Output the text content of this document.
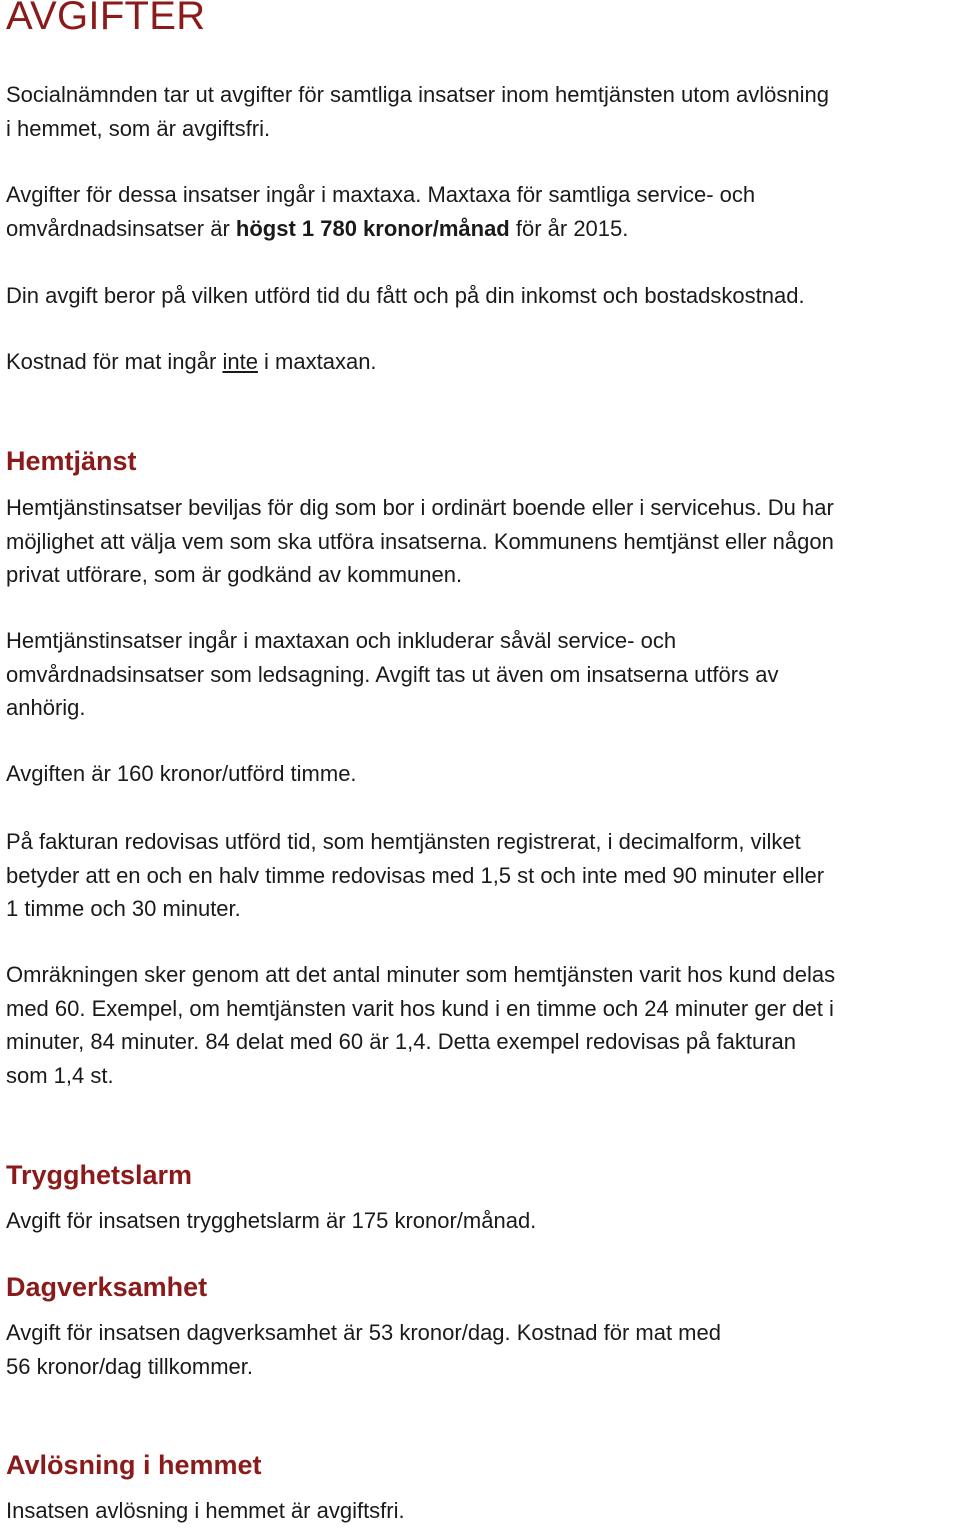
AVGIFTER

Socialnämnden tar ut avgifter för samtliga insatser inom hemtjänsten utom avlösning
i hemmet, som är avgiftsfri.

Avgifter för dessa insatser ingår i maxtaxa. Maxtaxa för samtliga service- och
omvårdnadsinsatser är högst 1 780 kronor/månad för år 2015.

Din avgift beror på vilken utförd tid du fått och på din inkomst och bostadskostnad.

Kostnad för mat ingår inte i maxtaxan.

Hemtjänst

Hemtjänstinsatser beviljas för dig som bor i ordinärt boende eller i servicehus. Du har
möjlighet att välja vem som ska utföra insatserna. Kommunens hemtjänst eller någon
privat utförare, som är godkänd av kommunen.

Hemtjänstinsatser ingår i maxtaxan och inkluderar såväl service- och
omvårdnadsinsatser som ledsagning. Avgift tas ut även om insatserna utförs av
anhörig.

Avgiften är 160 kronor/utförd timme.

På fakturan redovisas utförd tid, som hemtjänsten registrerat, i decimalform, vilket
betyder att en och en halv timme redovisas med 1,5 st och inte med 90 minuter eller
1 timme och 30 minuter.

Omräkningen sker genom att det antal minuter som hemtjänsten varit hos kund delas
med 60. Exempel, om hemtjänsten varit hos kund i en timme och 24 minuter ger det i
minuter, 84 minuter. 84 delat med 60 är 1,4. Detta exempel redovisas på fakturan
som 1,4 st.

Trygghetslarm

Avgift för insatsen trygghetslarm är 175 kronor/månad.

Dagverksamhet

Avgift för insatsen dagverksamhet är 53 kronor/dag. Kostnad för mat med
56 kronor/dag tillkommer.

Avlösning i hemmet

Insatsen avlösning i hemmet är avgiftsfri.
